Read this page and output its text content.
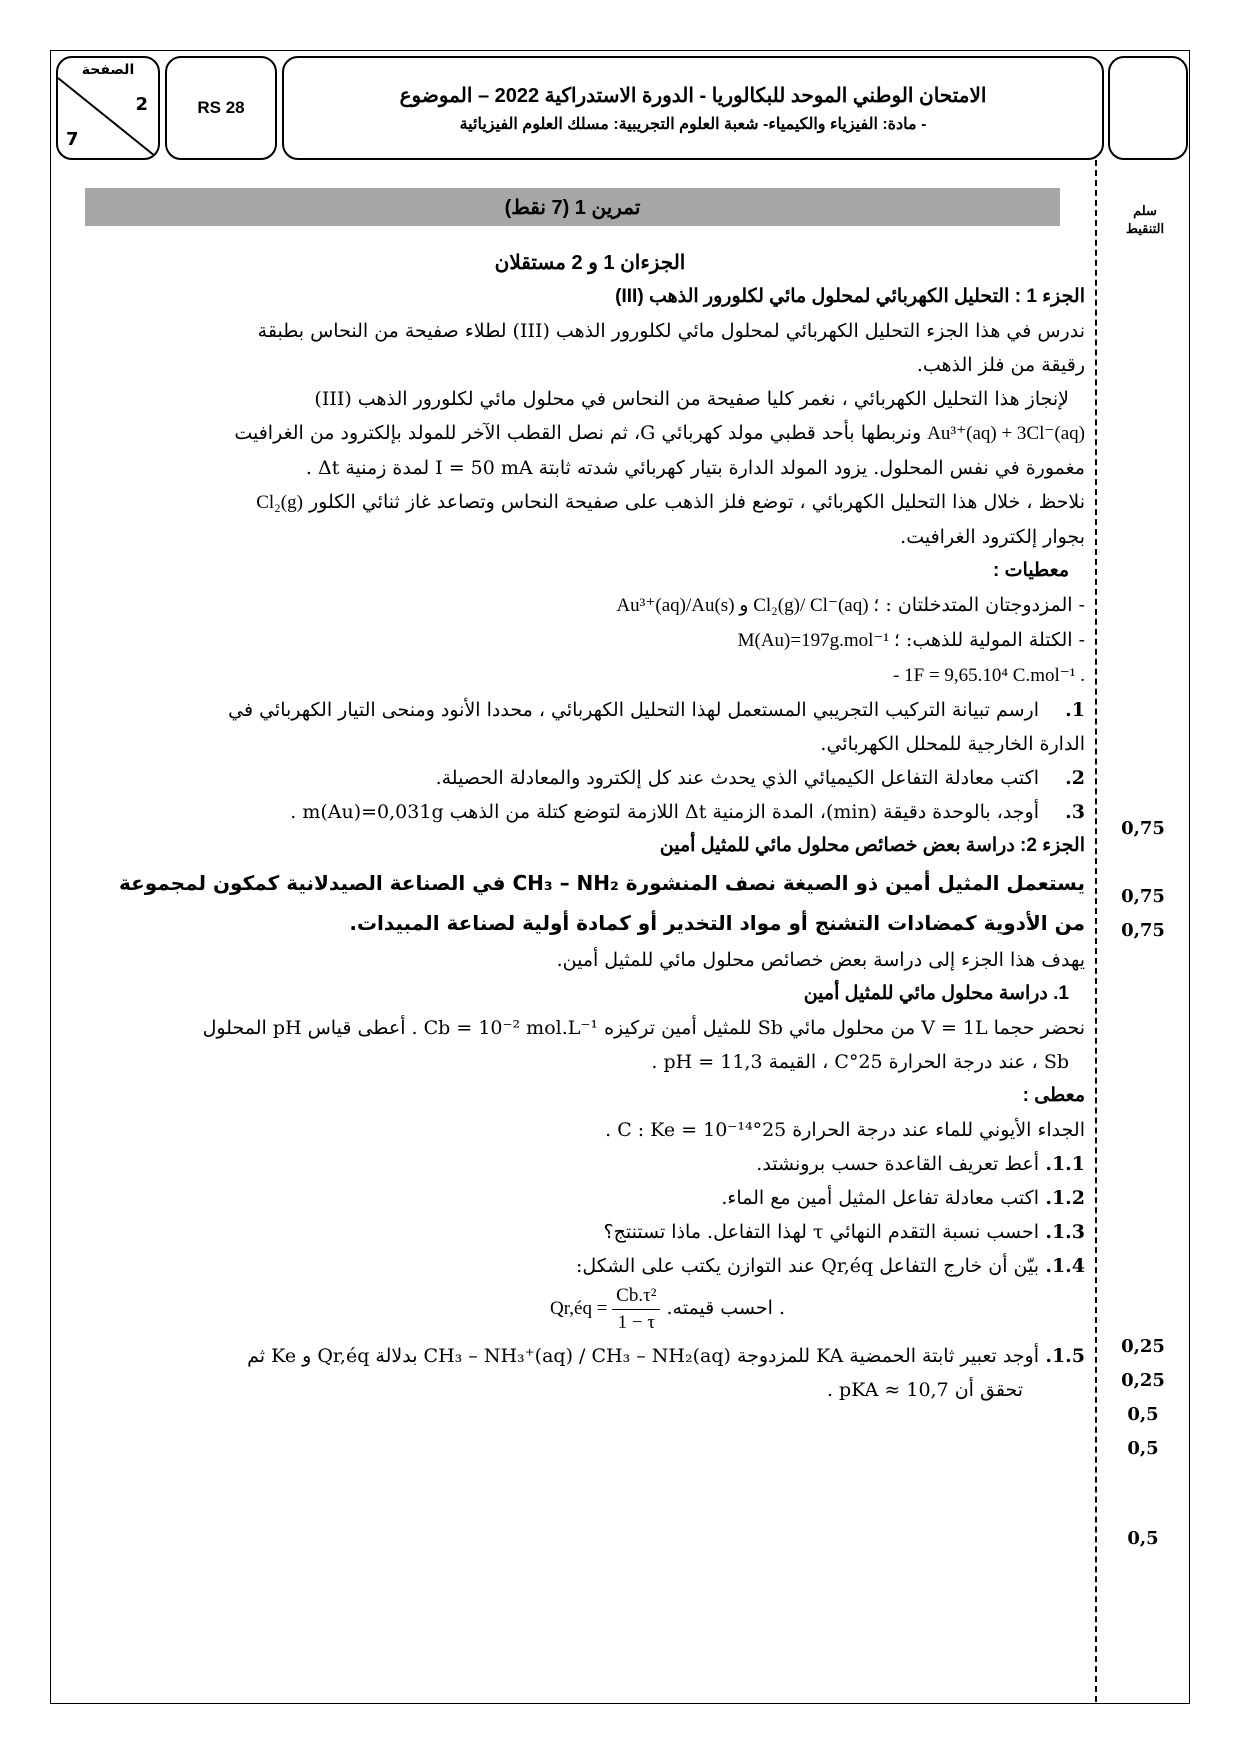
الصفحة
2
7
RS 28
الامتحان الوطني الموحد للبكالوريا - الدورة الاستدراكية 2022 – الموضوع
- مادة: الفيزياء والكيمياء- شعبة العلوم التجريبية: مسلك العلوم الفيزيائية
سلم
التنقيط
تمرين 1 (7 نقط)
الجزءان 1 و 2 مستقلان
الجزء 1 : التحليل الكهربائي لمحلول مائي لكلورور الذهب (III)
ندرس في هذا الجزء التحليل الكهربائي لمحلول مائي لكلورور الذهب (III) لطلاء صفيحة من النحاس بطبقة
رقيقة من فلز الذهب.
لإنجاز هذا التحليل الكهربائي ، نغمر كليا صفيحة من النحاس في محلول مائي لكلورور الذهب (III)
Au³⁺(aq) + 3Cl⁻(aq) ونربطها بأحد قطبي مولد كهربائي G، ثم نصل القطب الآخر للمولد بإلكترود من الغرافيت
مغمورة في نفس المحلول. يزود المولد الدارة بتيار كهربائي شدته ثابتة I = 50 mA لمدة زمنية Δt .
نلاحظ ، خلال هذا التحليل الكهربائي ، توضع فلز الذهب على صفيحة النحاس وتصاعد غاز ثنائي الكلور Cl₂(g)
بجوار إلكترود الغرافيت.
معطيات :
- المزدوجتان المتدخلتان : Au³⁺(aq)/Au(s) و Cl₂(g)/ Cl⁻(aq) ؛
- الكتلة المولية للذهب: M(Au)=197g.mol⁻¹ ؛
- 1F = 9,65.10⁴ C.mol⁻¹ .
1.ارسم تبيانة التركيب التجريبي المستعمل لهذا التحليل الكهربائي ، محددا الأنود ومنحى التيار الكهربائي في
الدارة الخارجية للمحلل الكهربائي.
2.اكتب معادلة التفاعل الكيميائي الذي يحدث عند كل إلكترود والمعادلة الحصيلة.
3.أوجد، بالوحدة دقيقة (min)، المدة الزمنية Δt اللازمة لتوضع كتلة من الذهب m(Au)=0,031g .
الجزء 2: دراسة بعض خصائص محلول مائي للمثيل أمين
يستعمل المثيل أمين ذو الصيغة نصف المنشورة CH₃ – NH₂ في الصناعة الصيدلانية كمكون لمجموعة
من الأدوية كمضادات التشنج أو مواد التخدير أو كمادة أولية لصناعة المبيدات.
يهدف هذا الجزء إلى دراسة بعض خصائص محلول مائي للمثيل أمين.
1. دراسة محلول مائي للمثيل أمين
نحضر حجما V = 1L من محلول مائي Sb للمثيل أمين تركيزه Cb = 10⁻² mol.L⁻¹ . أعطى قياس pH المحلول
Sb ، عند درجة الحرارة 25°C ، القيمة pH = 11,3 .
معطى :
الجداء الأيوني للماء عند درجة الحرارة 25°C : Ke = 10⁻¹⁴ .
1.1.أعط تعريف القاعدة حسب برونشتد.
1.2.اكتب معادلة تفاعل المثيل أمين مع الماء.
1.3.احسب نسبة التقدم النهائي τ لهذا التفاعل. ماذا تستنتج؟
1.4.بيّن أن خارج التفاعل Qr,éq عند التوازن يكتب على الشكل:
. احسب قيمته. Qr,éq = $\frac{\text{Cb.τ²}}{1 - \tau}$
1.5.أوجد تعبير ثابتة الحمضية KA للمزدوجة CH₃ – NH₃⁺(aq) / CH₃ – NH₂(aq) بدلالة Qr,éq و Ke ثم
تحقق أن pKA ≈ 10,7 .
0,75
0,75
0,75
0,25
0,25
0,5
0,5
0,5
